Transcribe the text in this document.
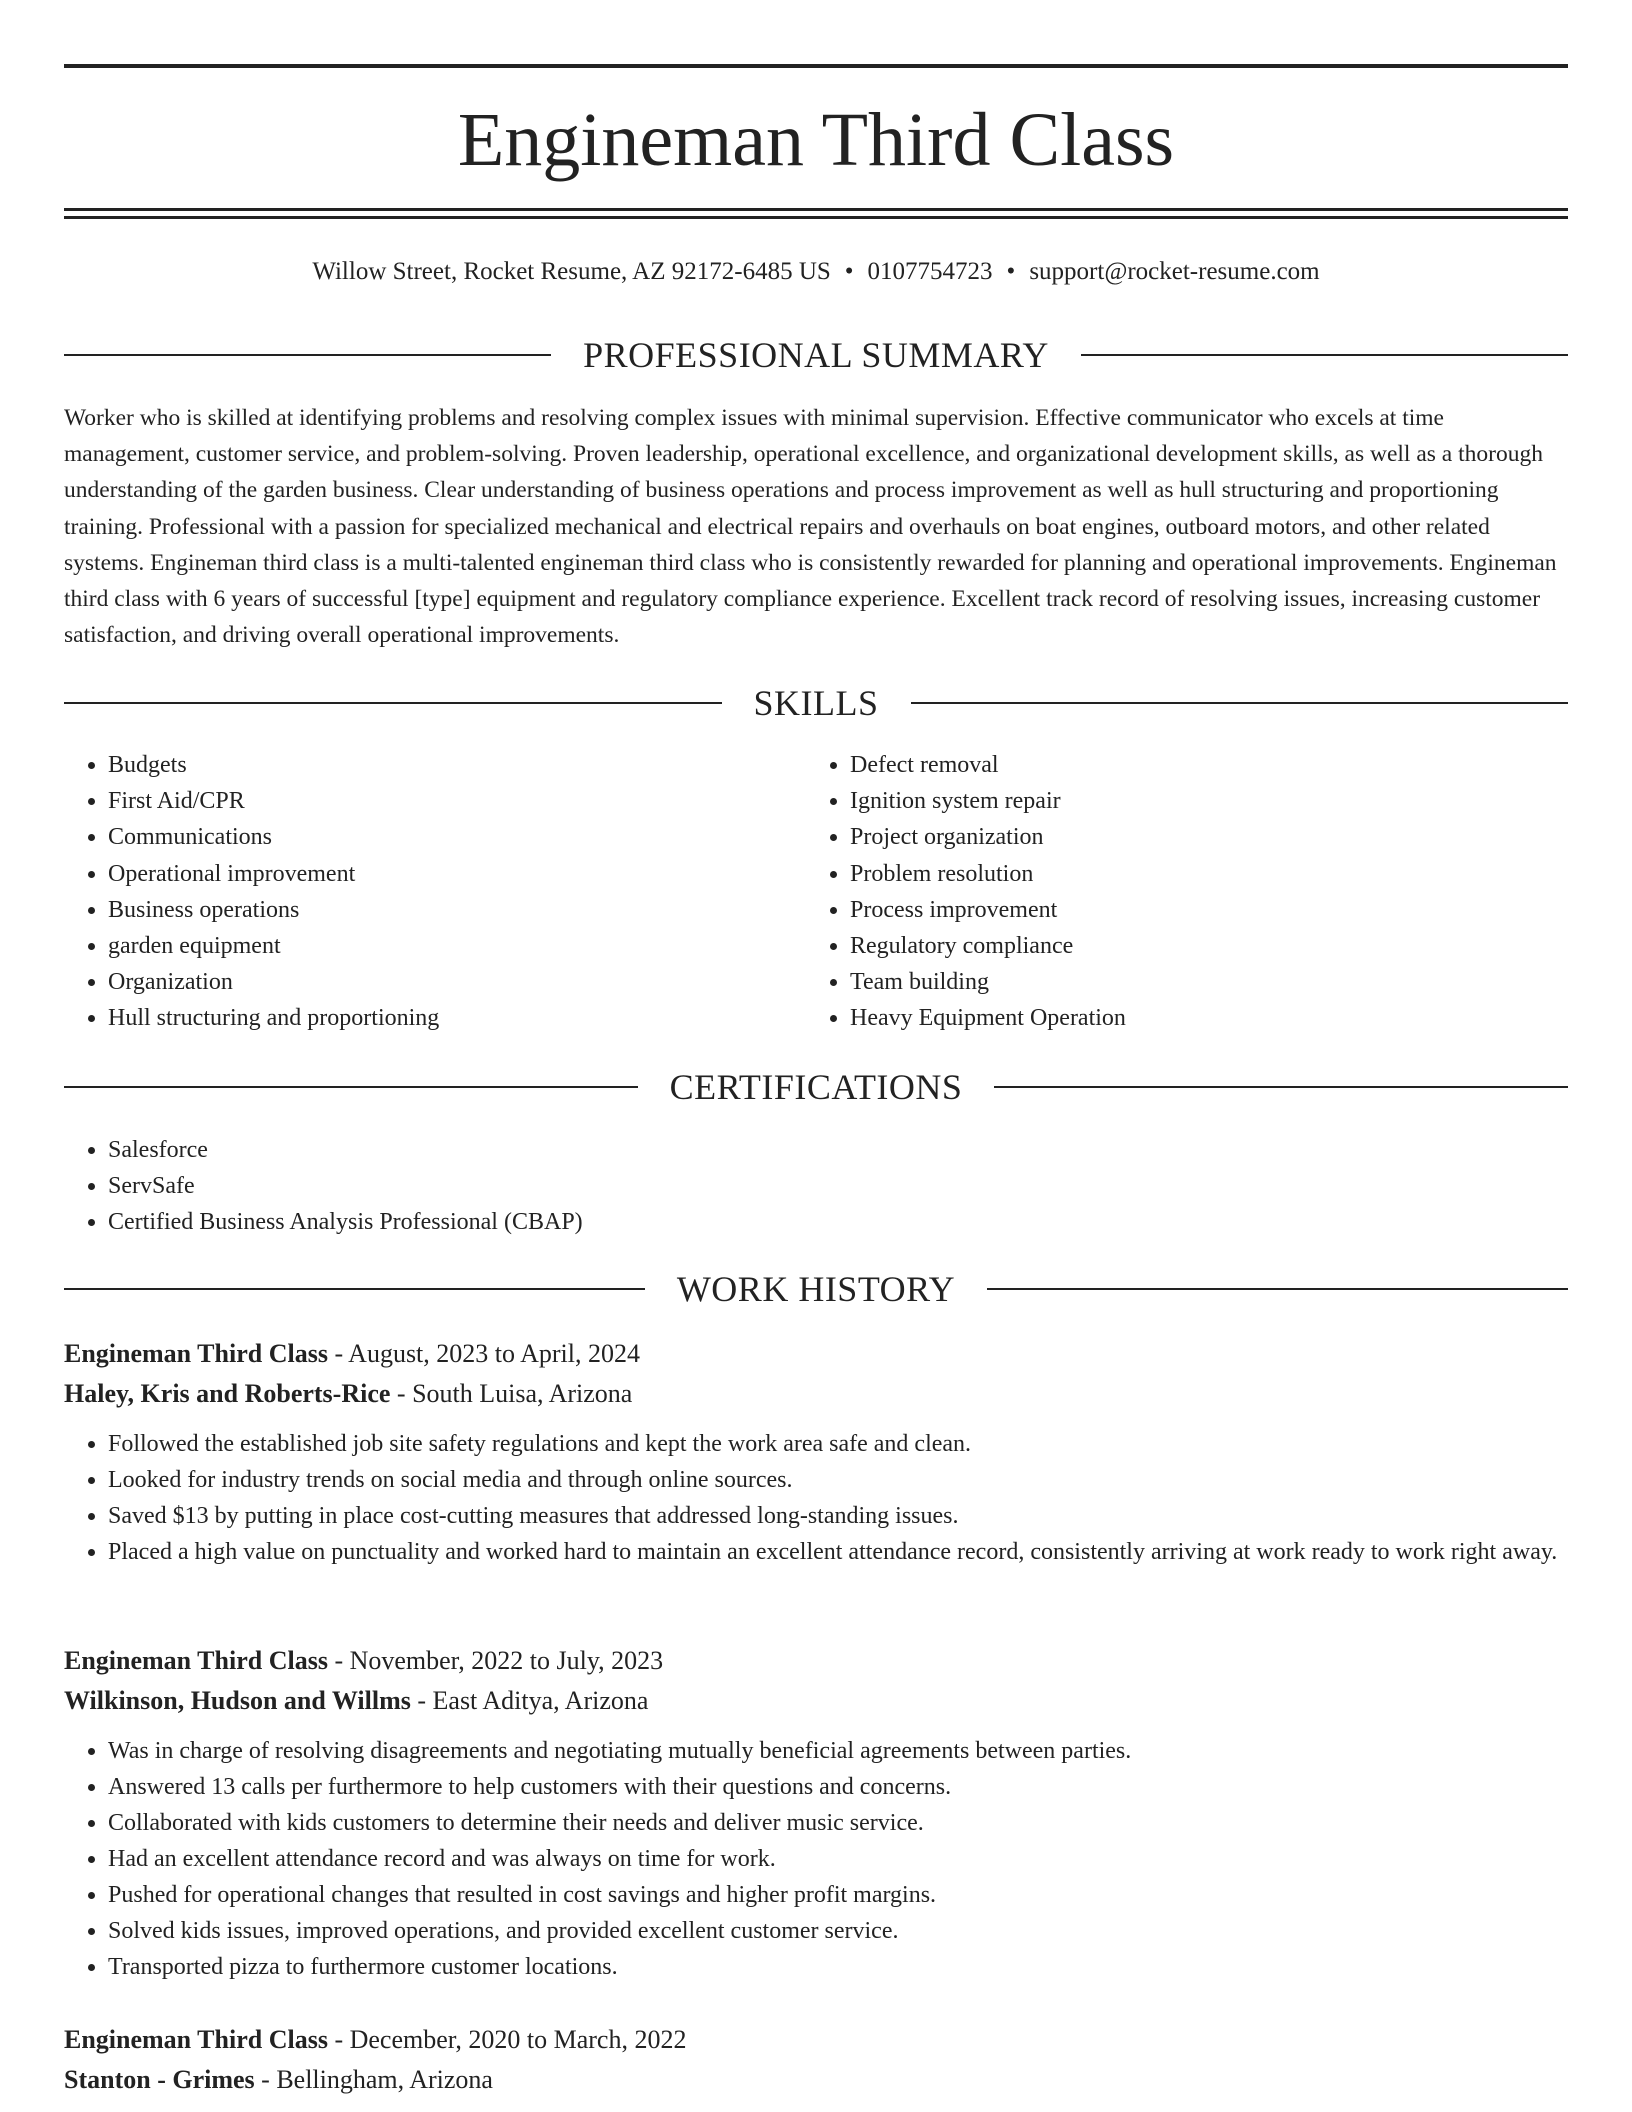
Engineman Third Class
Willow Street, Rocket Resume, AZ 92172-6485 US • 0107754723 • support@rocket-resume.com
PROFESSIONAL SUMMARY

Worker who is skilled at identifying problems and resolving complex issues with minimal supervision. Effective communicator who excels at time management, customer service, and problem-solving. Proven leadership, operational excellence, and organizational development skills, as well as a thorough understanding of the garden business. Clear understanding of business operations and process improvement as well as hull structuring and proportioning training. Professional with a passion for specialized mechanical and electrical repairs and overhauls on boat engines, outboard motors, and other related systems. Engineman third class is a multi-talented engineman third class who is consistently rewarded for planning and operational improvements. Engineman third class with 6 years of successful [type] equipment and regulatory compliance experience. Excellent track record of resolving issues, increasing customer satisfaction, and driving overall operational improvements.

SKILLS
• Budgets
• First Aid/CPR
• Communications
• Operational improvement
• Business operations
• garden equipment
• Organization
• Hull structuring and proportioning
• Defect removal
• Ignition system repair
• Project organization
• Problem resolution
• Process improvement
• Regulatory compliance
• Team building
• Heavy Equipment Operation
CERTIFICATIONS
• Salesforce
• ServSafe
• Certified Business Analysis Professional (CBAP)
WORK HISTORY
Engineman Third Class - August, 2023 to April, 2024
Haley, Kris and Roberts-Rice - South Luisa, Arizona
• Followed the established job site safety regulations and kept the work area safe and clean.
• Looked for industry trends on social media and through online sources.
• Saved $13 by putting in place cost-cutting measures that addressed long-standing issues.
• Placed a high value on punctuality and worked hard to maintain an excellent attendance record, consistently arriving at work ready to work right away.
Engineman Third Class - November, 2022 to July, 2023
Wilkinson, Hudson and Willms - East Aditya, Arizona
• Was in charge of resolving disagreements and negotiating mutually beneficial agreements between parties.
• Answered 13 calls per furthermore to help customers with their questions and concerns.
• Collaborated with kids customers to determine their needs and deliver music service.
• Had an excellent attendance record and was always on time for work.
• Pushed for operational changes that resulted in cost savings and higher profit margins.
• Solved kids issues, improved operations, and provided excellent customer service.
• Transported pizza to furthermore customer locations.
Engineman Third Class - December, 2020 to March, 2022
Stanton - Grimes - Bellingham, Arizona
